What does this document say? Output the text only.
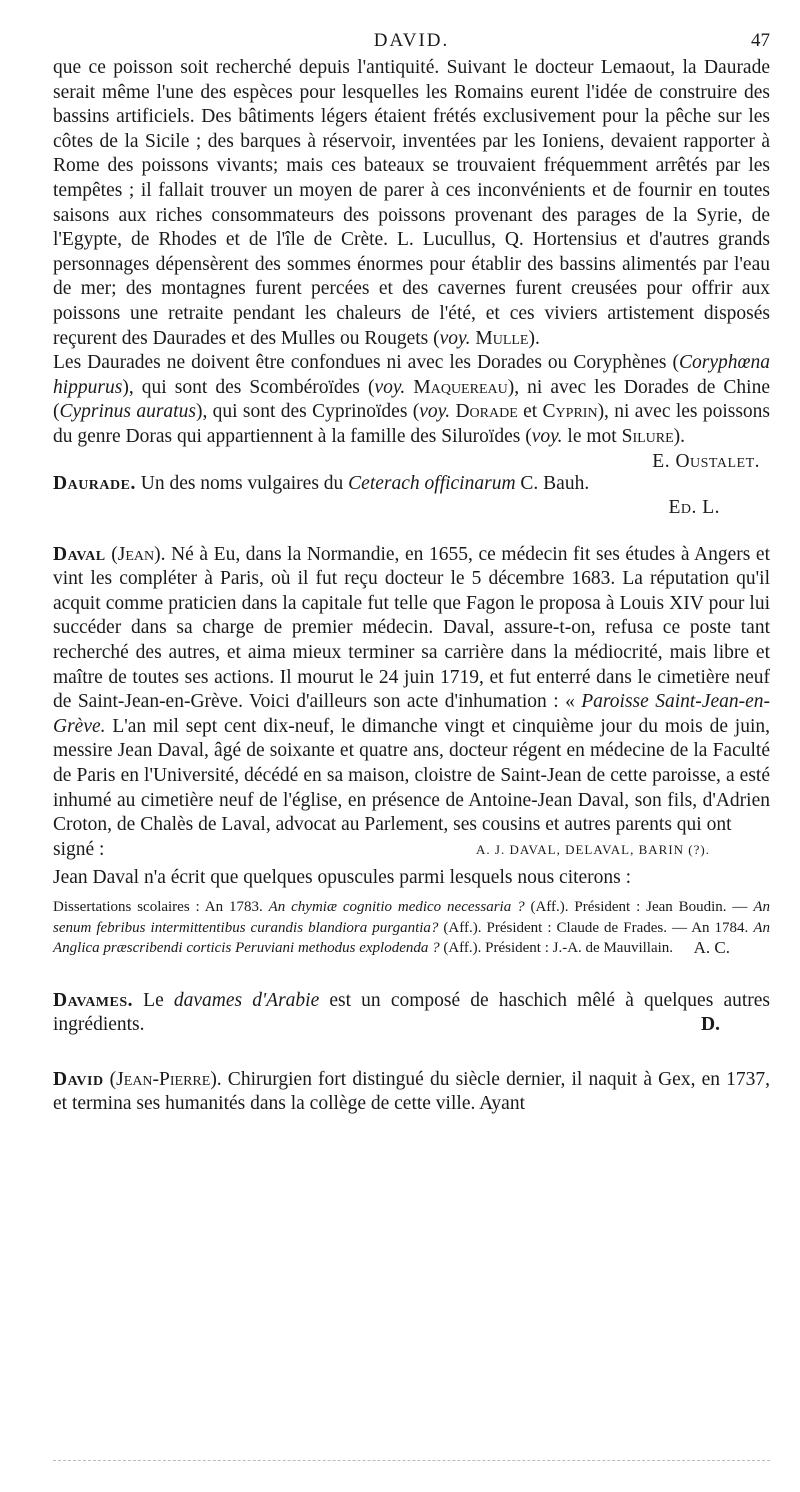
DAVID.	47

que ce poisson soit recherché depuis l'antiquité. Suivant le docteur Lemaout, la Daurade serait même l'une des espèces pour lesquelles les Romains eurent l'idée de construire des bassins artificiels. Des bâtiments légers étaient frétés exclusivement pour la pêche sur les côtes de la Sicile ; des barques à réservoir, inventées par les Ioniens, devaient rapporter à Rome des poissons vivants; mais ces bateaux se trouvaient fréquemment arrêtés par les tempêtes ; il fallait trouver un moyen de parer à ces inconvénients et de fournir en toutes saisons aux riches consommateurs des poissons provenant des parages de la Syrie, de l'Egypte, de Rhodes et de l'île de Crète. L. Lucullus, Q. Hortensius et d'autres grands personnages dépensèrent des sommes énormes pour établir des bassins alimentés par l'eau de mer; des montagnes furent percées et des cavernes furent creusées pour offrir aux poissons une retraite pendant les chaleurs de l'été, et ces viviers artistement disposés reçurent des Daurades et des Mulles ou Rougets (voy. Mulle).

Les Daurades ne doivent être confondues ni avec les Dorades ou Coryphènes (Coryphœna hippurus), qui sont des Scombéroïdes (voy. Maquereau), ni avec les Dorades de Chine (Cyprinus auratus), qui sont des Cyprinoïdes (voy. Dorade et Cyprin), ni avec les poissons du genre Doras qui appartiennent à la famille des Siluroïdes (voy. le mot Silure).
E. Oustalet.

Daurade. Un des noms vulgaires du Ceterach officinarum C. Bauh.

Ed. L.

Daval (Jean). Né à Eu, dans la Normandie, en 1655, ce médecin fit ses études à Angers et vint les compléter à Paris, où il fut reçu docteur le 5 décembre 1683. La réputation qu'il acquit comme praticien dans la capitale fut telle que Fagon le proposa à Louis XIV pour lui succéder dans sa charge de premier médecin. Daval, assure-t-on, refusa ce poste tant recherché des autres, et aima mieux terminer sa carrière dans la médiocrité, mais libre et maître de toutes ses actions. Il mourut le 24 juin 1719, et fut enterré dans le cimetière neuf de Saint-Jean-en-Grève. Voici d'ailleurs son acte d'inhumation : « Paroisse Saint-Jean-en-Grève. L'an mil sept cent dix-neuf, le dimanche vingt et cinquième jour du mois de juin, messire Jean Daval, âgé de soixante et quatre ans, docteur régent en médecine de la Faculté de Paris en l'Université, décédé en sa maison, cloistre de Saint-Jean de cette paroisse, a esté inhumé au cimetière neuf de l'église, en présence de Antoine-Jean Daval, son fils, d'Adrien Croton, de Chalès de Laval, advocat au Parlement, ses cousins et autres parents qui ont

signé :	A. J. DAVAL, DELAVAL, BARIN (?).

Jean Daval n'a écrit que quelques opuscules parmi lesquels nous citerons :

Dissertations scolaires : An 1783. An chymiæ cognitio medico necessaria ? (Aff.). Président : Jean Boudin. — An senum febribus intermittentibus curandis blandiora purgantia? (Aff.). Président : Claude de Frades. — An 1784. An Anglica præscribendi corticis Peruviani methodus explodenda ? (Aff.). Président : J.-A. de Mauvillain. A. C.

Davames. Le davames d'Arabie est un composé de haschich mêlé à quelques autres ingrédients.	D.

David (Jean-Pierre). Chirurgien fort distingué du siècle dernier, il naquit à Gex, en 1737, et termina ses humanités dans la collège de cette ville. Ayant
